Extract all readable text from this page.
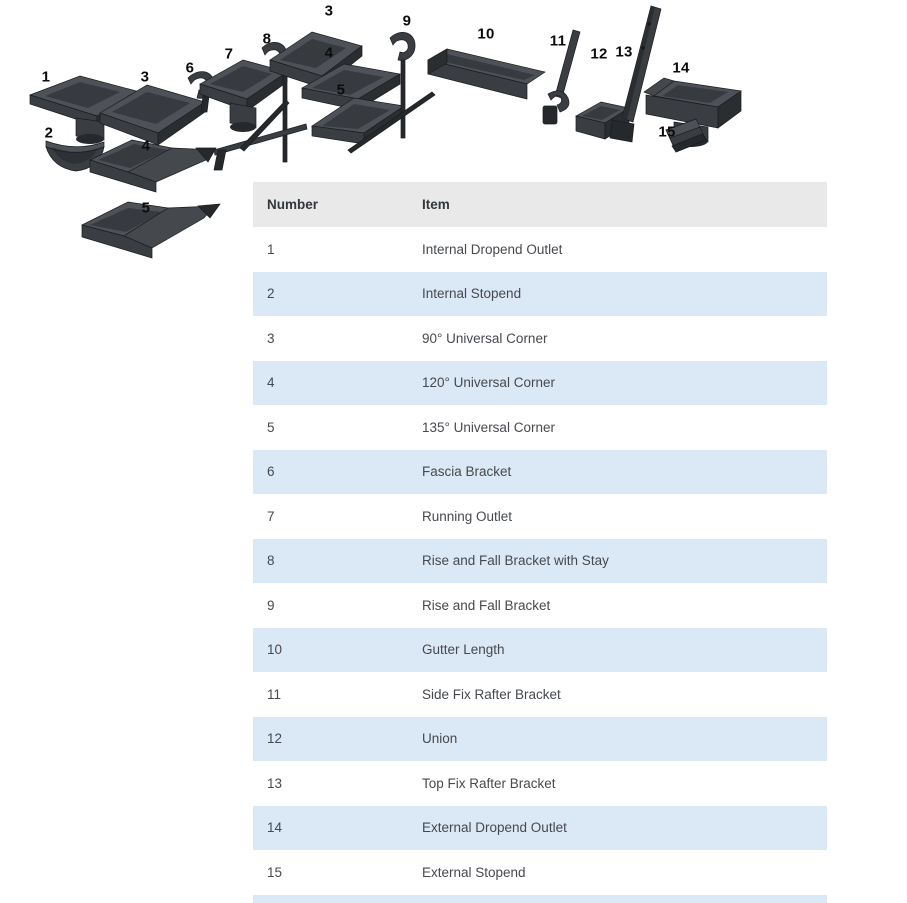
1
2
3
4
5
6
7
8
3
4
5
9
10	11
12 13
14
15
Number	Item
1	Internal Dropend Outlet
2	Internal Stopend
3	90° Universal Corner
4	120° Universal Corner
5	135° Universal Corner
6	Fascia Bracket
7	Running Outlet
8	Rise and Fall Bracket with Stay
9	Rise and Fall Bracket
10	Gutter Length
11	Side Fix Rafter Bracket
12	Union
13	Top Fix Rafter Bracket
14	External Dropend Outlet
15	External Stopend
